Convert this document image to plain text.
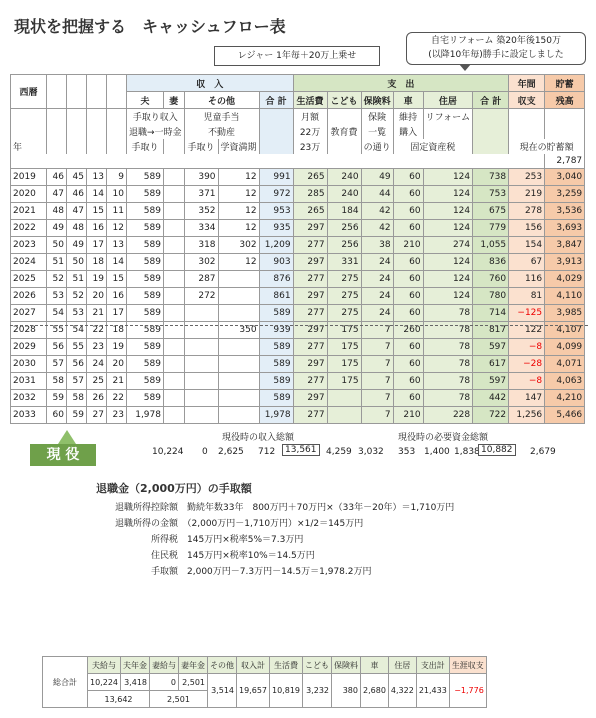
現状を把握する　キャッシュフロー表
レジャー 1年毎＋20万上乗せ
自宅リフォーム 築20年後150万
(以降10年毎)勝手に設定しました
西暦					収　入					支　出						年間	貯蓄
					夫	妻	その他		合 計	生活費	こども	保険料	車	住居	合 計	収支	残高
					手取り収入		児童手当			月額		保険	維持	リフォーム			
					退職→一時金		不動産			22万	教育費	一覧	購入				
年					手取り		手取り	学資満期		23万		の通り	固定資産税			現在の貯蓄額	
																	2,787
2019	46	45	13	9	589		390	12	991	265	240	49	60	124	738	253	3,040
2020	47	46	14	10	589		371	12	972	285	240	44	60	124	753	219	3,259
2021	48	47	15	11	589		352	12	953	265	184	42	60	124	675	278	3,536
2022	49	48	16	12	589		334	12	935	297	256	42	60	124	779	156	3,693
2023	50	49	17	13	589		318	302	1,209	277	256	38	210	274	1,055	154	3,847
2024	51	50	18	14	589		302	12	903	297	331	24	60	124	836	67	3,913
2025	52	51	19	15	589		287		876	277	275	24	60	124	760	116	4,029
2026	53	52	20	16	589		272		861	297	275	24	60	124	780	81	4,110
2027	54	53	21	17	589				589	277	275	24	60	78	714	−125	3,985
2028	55	54	22	18	589			350	939	297	175	7	260	78	817	122	4,107
2029	56	55	23	19	589				589	277	175	7	60	78	597	−8	4,099
2030	57	56	24	20	589				589	297	175	7	60	78	617	−28	4,071
2031	58	57	25	21	589				589	277	175	7	60	78	597	−8	4,063
2032	59	58	26	22	589				589	297		7	60	78	442	147	4,210
2033	60	59	27	23	1,978				1,978	277		7	210	228	722	1,256	5,466
現 役
現役時の収入総額	現役時の必要資金総額
10,224 0 2,625 712	13,561	4,259 3,032 353 1,400 1,838 10,882	2,679
退職金（2,000万円）の手取額
退職所得控除額　 勤続年数33年　800万円＋70万円×（33年－20年）＝1,710万円
退職所得の金額　 （2,000万円－1,710万円）×1/2＝145万円
所得税　 145万円×税率5%＝7.3万円
住民税　 145万円×税率10%＝14.5万円
手取額　 2,000万円－7.3万円－14.5万＝1,978.2万円
総合計	夫給与	夫年金	妻給与	妻年金	その他	収入計	生活費	こども	保険料	車	住居	支出計	生涯収支
	10,224	3,418	0	2,501	3,514	19,657	10,819	3,232	380	2,680	4,322	21,433	−1,776
	13,642		2,501										
